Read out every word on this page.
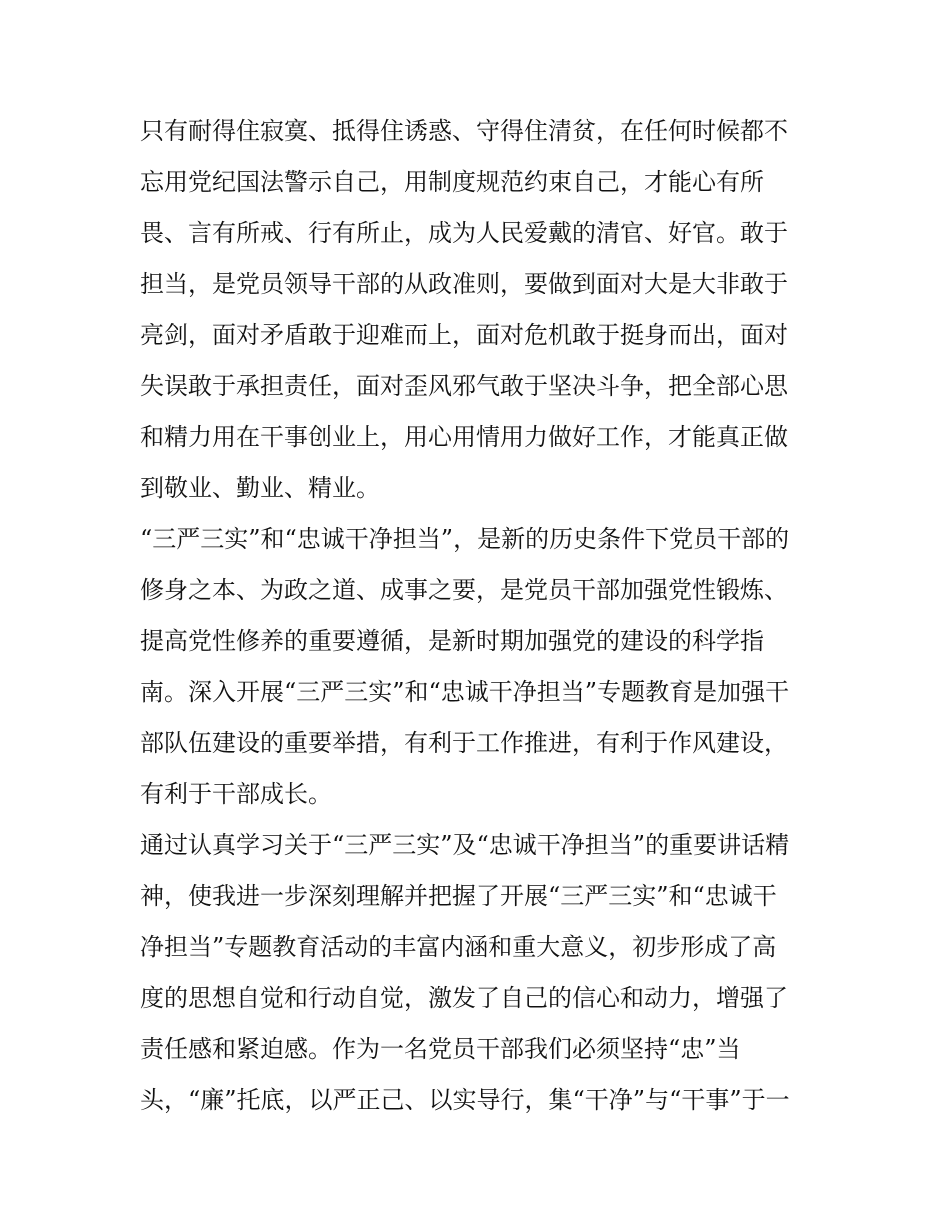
只有耐得住寂寞、抵得住诱惑、守得住清贫，在任何时候都不
忘用党纪国法警示自己，用制度规范约束自己，才能心有所
畏、言有所戒、行有所止，成为人民爱戴的清官、好官。敢于
担当，是党员领导干部的从政准则，要做到面对大是大非敢于
亮剑，面对矛盾敢于迎难而上，面对危机敢于挺身而出，面对
失误敢于承担责任，面对歪风邪气敢于坚决斗争，把全部心思
和精力用在干事创业上，用心用情用力做好工作，才能真正做
到敬业、勤业、精业。
“三严三实”和“忠诚干净担当”，是新的历史条件下党员干部的
修身之本、为政之道、成事之要，是党员干部加强党性锻炼、
提高党性修养的重要遵循，是新时期加强党的建设的科学指
南。深入开展“三严三实”和“忠诚干净担当”专题教育是加强干
部队伍建设的重要举措，有利于工作推进，有利于作风建设，
有利于干部成长。
通过认真学习关于“三严三实”及“忠诚干净担当”的重要讲话精
神，使我进一步深刻理解并把握了开展“三严三实”和“忠诚干
净担当”专题教育活动的丰富内涵和重大意义，初步形成了高
度的思想自觉和行动自觉，激发了自己的信心和动力，增强了
责任感和紧迫感。作为一名党员干部我们必须坚持“忠”当
头，“廉”托底，以严正己、以实导行，集“干净”与“干事”于一
